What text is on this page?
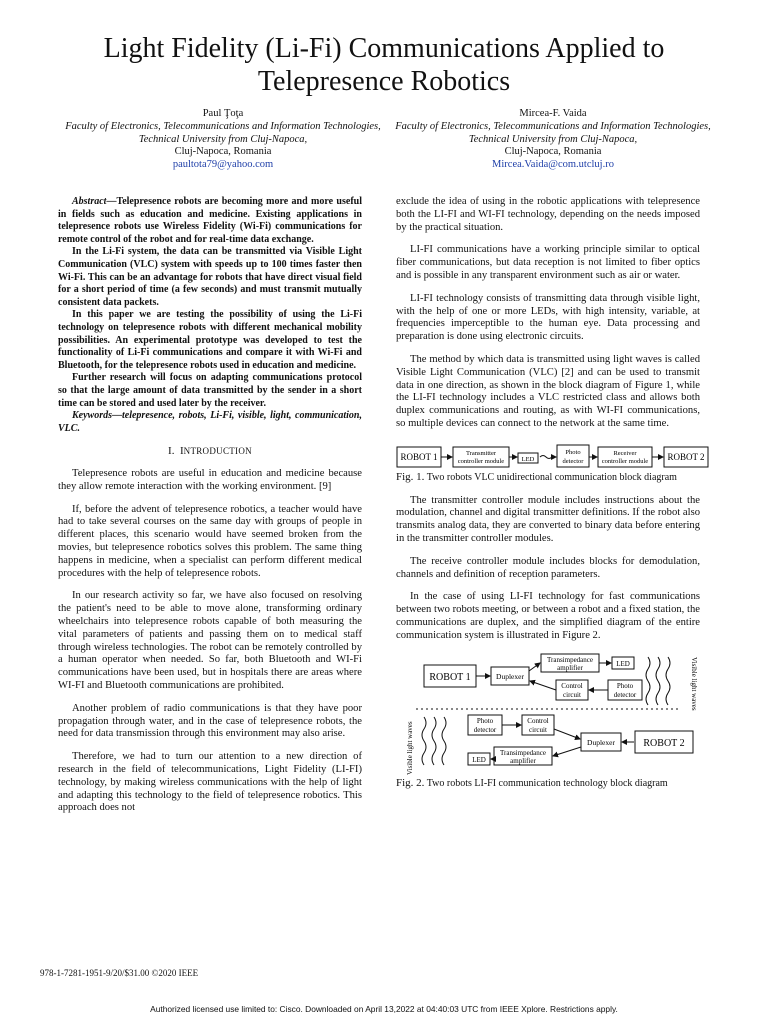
Light Fidelity (Li-Fi) Communications Applied to Telepresence Robotics
Paul Ţoţa
Faculty of Electronics, Telecommunications and Information Technologies,
Technical University from Cluj-Napoca,
Cluj-Napoca, Romania
paultota79@yahoo.com
Mircea-F. Vaida
Faculty of Electronics, Telecommunications and Information Technologies,
Technical University from Cluj-Napoca,
Cluj-Napoca, Romania
Mircea.Vaida@com.utcluj.ro

Abstract—Telepresence robots are becoming more and more useful in fields such as education and medicine. Existing applications in telepresence robots use Wireless Fidelity (Wi-Fi) communications for remote control of the robot and for real-time data exchange.

In the Li-Fi system, the data can be transmitted via Visible Light Communication (VLC) system with speeds up to 100 times faster then Wi-Fi. This can be an advantage for robots that have direct visual field for a short period of time (a few seconds) and must transmit mutually consistent data packets.

In this paper we are testing the possibility of using the Li-Fi technology on telepresence robots with different mechanical mobility possibilities. An experimental prototype was developed to test the functionality of Li-Fi communications and compare it with Wi-Fi and Bluetooth, for the telepresence robots used in education and medicine.

Further research will focus on adapting communications protocol so that the large amount of data transmitted by the sender in a short time can be stored and used later by the receiver.

Keywords—telepresence, robots, Li-Fi, visible, light, communication, VLC.

I. INTRODUCTION

Telepresence robots are useful in education and medicine because they allow remote interaction with the working environment. [9]

If, before the advent of telepresence robotics, a teacher would have had to take several courses on the same day with groups of people in different places, this scenario would have seemed broken from the movies, but telepresence robotics solves this problem. The same thing happens in medicine, when a specialist can perform different medical procedures with the help of telepresence robots.

In our research activity so far, we have also focused on resolving the patient's need to be able to move alone, transforming ordinary wheelchairs into telepresence robots capable of both measuring the vital parameters of patients and passing them on to medical staff through wireless technologies. The robot can be remotely controlled by a human operator when needed. So far, both Bluetooth and WI-Fi communications have been used, but in hospitals there are areas where WI-FI and Bluetooth communications are prohibited.

Another problem of radio communications is that they have poor propagation through water, and in the case of telepresence robots, the need for data transmission through this environment may also arise.

Therefore, we had to turn our attention to a new direction of research in the field of telecommunications, Light Fidelity (LI-FI) technology, by making wireless communications with the help of light and adapting this technology to the field of telepresence robotics. This approach does not

exclude the idea of using in the robotic applications with telepresence both the LI-FI and WI-FI technology, depending on the needs imposed by the practical situation.

LI-FI communications have a working principle similar to optical fiber communications, but data reception is not limited to fiber optics and is possible in any transparent environment such as air or water.

LI-FI technology consists of transmitting data through visible light, with the help of one or more LEDs, with high intensity, variable, at frequencies imperceptible to the human eye. Data processing and preparation is done using electronic circuits.

The method by which data is transmitted using light waves is called Visible Light Communication (VLC) [2] and can be used to transmit data in one direction, as shown in the block diagram of Figure 1, while the LI-FI technology includes a VLC restricted class and allows both duplex communications and routing, as with WI-FI communications, so multiple devices can connect to the network at the same time.

ROBOT 1	Transmitter
controller module	LED
Photo
detector
Receiver
controller module ROBOT 2

Fig. 1. Two robots VLC unidirectional communication block diagram

The transmitter controller module includes instructions about the modulation, channel and digital transmitter definitions. If the robot also transmits analog data, they are converted to binary data before entering in the transmitter controller modules.

The receive controller module includes blocks for demodulation, channels and definition of reception parameters.

In the case of using LI-FI technology for fast communications between two robots meeting, or between a robot and a fixed station, the communications are duplex, and the simplified diagram of the entire communication system is illustrated in Figure 2.

ROBOT 1	Duplexer
Transimpedance
amplifier	LED
Control
circuit
Photo
detector	Visible light waves
Visible light waves
Photo
detector
Control
circuit
Duplexer	ROBOT 2
Transimpedance
amplifier
LED

Fig. 2. Two robots LI-FI communication technology block diagram

978-1-7281-1951-9/20/$31.00 ©2020 IEEE
Authorized licensed use limited to: Cisco. Downloaded on April 13,2022 at 04:40:03 UTC from IEEE Xplore. Restrictions apply.
